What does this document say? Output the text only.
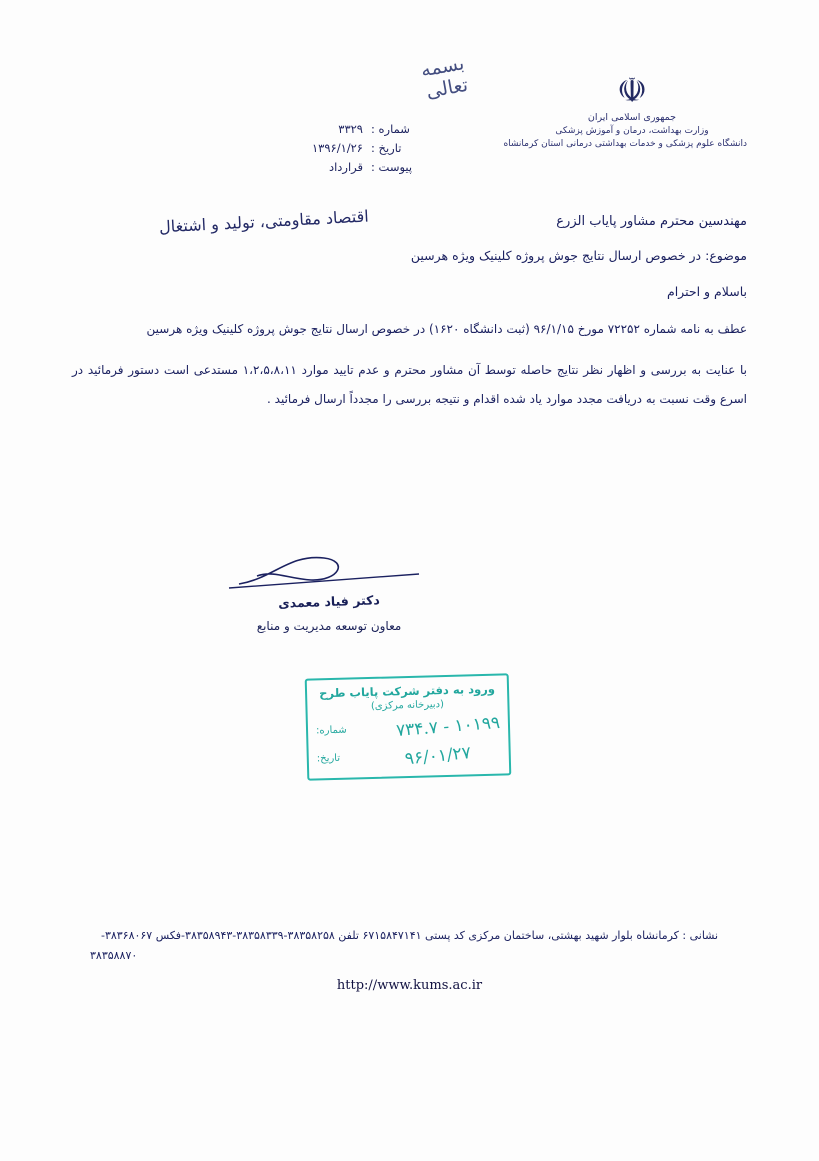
بسمه تعالی	☫
جمهوری اسلامی ایران
وزارت بهداشت، درمان و آموزش پزشکی
دانشگاه علوم پزشکی و خدمات بهداشتی درمانی استان کرمانشاه
شماره :
۳۳۲۹
تاریخ :
۱۳۹۶/۱/۲۶
پیوست :
قرارداد
اقتصاد مقاومتی، تولید و اشتغال	مهندسین محترم مشاور پایاب الزرع
موضوع: در خصوص ارسال نتایج جوش پروژه کلینیک ویژه هرسین
باسلام و احترام
عطف به نامه شماره ۷۲۲۵۲ مورخ ۹۶/۱/۱۵ (ثبت دانشگاه ۱۶۲۰) در خصوص ارسال نتایج جوش پروژه کلینیک ویژه هرسین
با عنایت به بررسی و اظهار نظر نتایج حاصله توسط آن مشاور محترم و عدم تایید موارد ۱،۲،۵،۸،۱۱ مستدعی است دستور فرمائید در اسرع وقت نسبت به دریافت مجدد موارد یاد شده اقدام و نتیجه بررسی را مجدداً ارسال فرمائید .
دکتر فیاد معمدی
معاون توسعه مدیریت و منابع
ورود به دفتر شرکت پایاب طرح
(دبیرخانه مرکزی)
۱۰۱۹۹ - ۷۳۴.۷
شماره:
۹۶/۰۱/۲۷
تاریخ:
نشانی : کرمانشاه بلوار شهید بهشتی، ساختمان مرکزی کد پستی ۶۷۱۵۸۴۷۱۴۱ تلفن ۳۸۳۵۸۲۵۸-۳۸۳۵۸۳۳۹-۳۸۳۵۸۹۴۳-فکس ۳۸۳۶۸۰۶۷-
۳۸۳۵۸۸۷۰
http://www.kums.ac.ir
